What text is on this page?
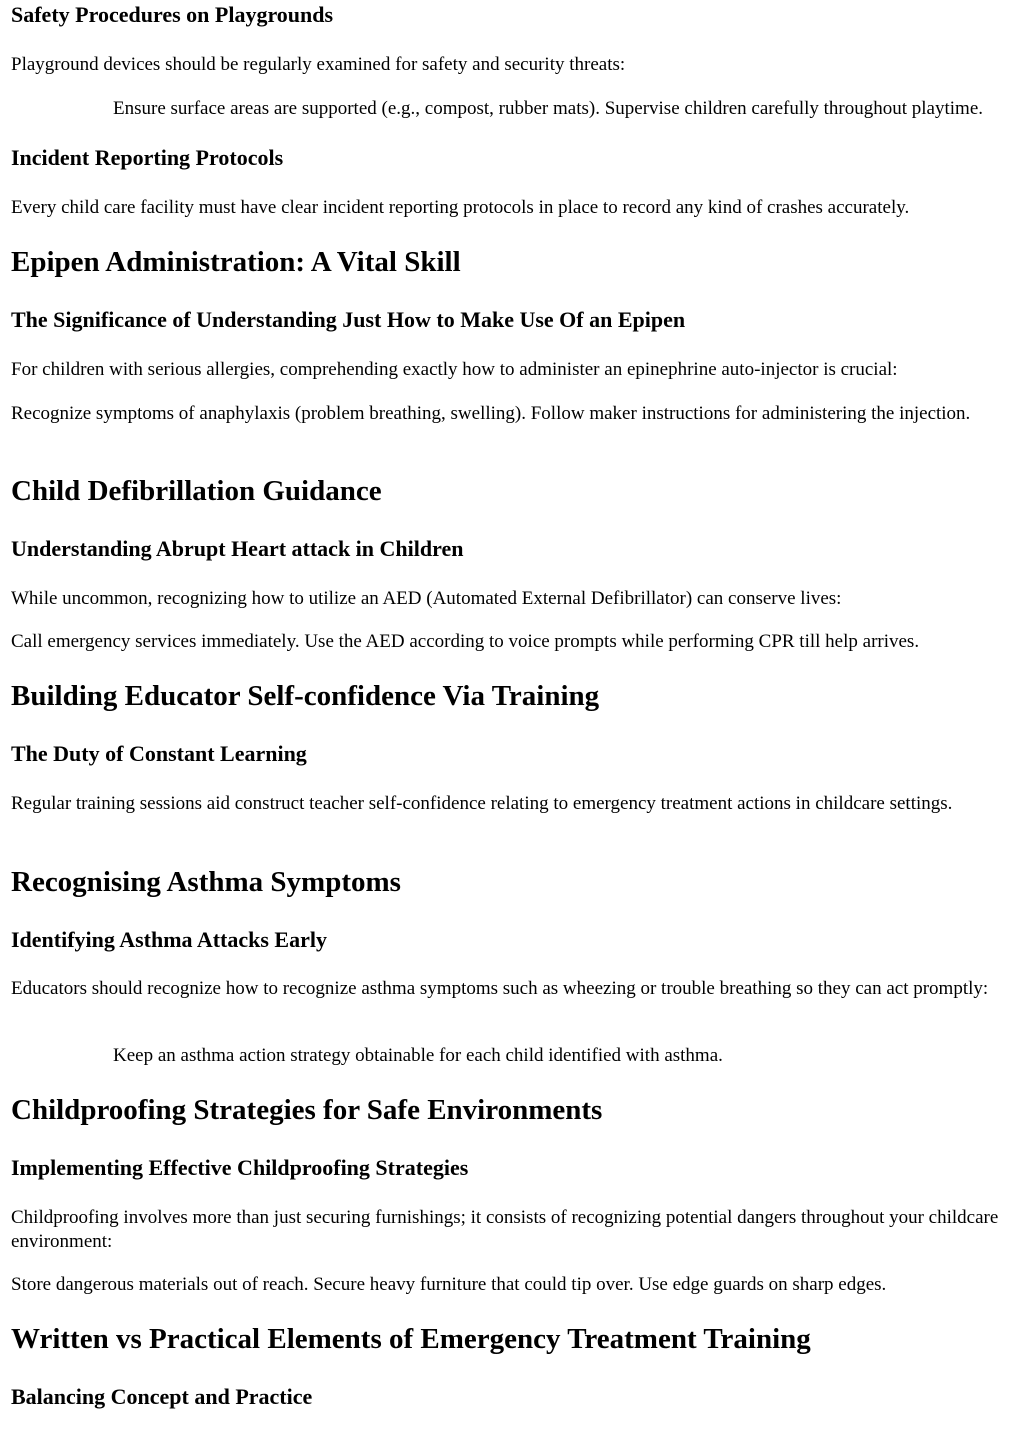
Safety Procedures on Playgrounds

Playground devices should be regularly examined for safety and security threats:

Ensure surface areas are supported (e.g., compost, rubber mats). Supervise children carefully throughout playtime.
Incident Reporting Protocols

Every child care facility must have clear incident reporting protocols in place to record any kind of crashes accurately.

Epipen Administration: A Vital Skill
The Significance of Understanding Just How to Make Use Of an Epipen

For children with serious allergies, comprehending exactly how to administer an epinephrine auto-injector is crucial:

Recognize symptoms of anaphylaxis (problem breathing, swelling). Follow maker instructions for administering the injection.

Child Defibrillation Guidance
Understanding Abrupt Heart attack in Children

While uncommon, recognizing how to utilize an AED (Automated External Defibrillator) can conserve lives:

Call emergency services immediately. Use the AED according to voice prompts while performing CPR till help arrives.

Building Educator Self-confidence Via Training
The Duty of Constant Learning

Regular training sessions aid construct teacher self-confidence relating to emergency treatment actions in childcare settings.

Recognising Asthma Symptoms
Identifying Asthma Attacks Early

Educators should recognize how to recognize asthma symptoms such as wheezing or trouble breathing so they can act promptly:

Keep an asthma action strategy obtainable for each child identified with asthma.
Childproofing Strategies for Safe Environments
Implementing Effective Childproofing Strategies

Childproofing involves more than just securing furnishings; it consists of recognizing potential dangers throughout your childcare environment:

Store dangerous materials out of reach. Secure heavy furniture that could tip over. Use edge guards on sharp edges.

Written vs Practical Elements of Emergency Treatment Training
Balancing Concept and Practice
